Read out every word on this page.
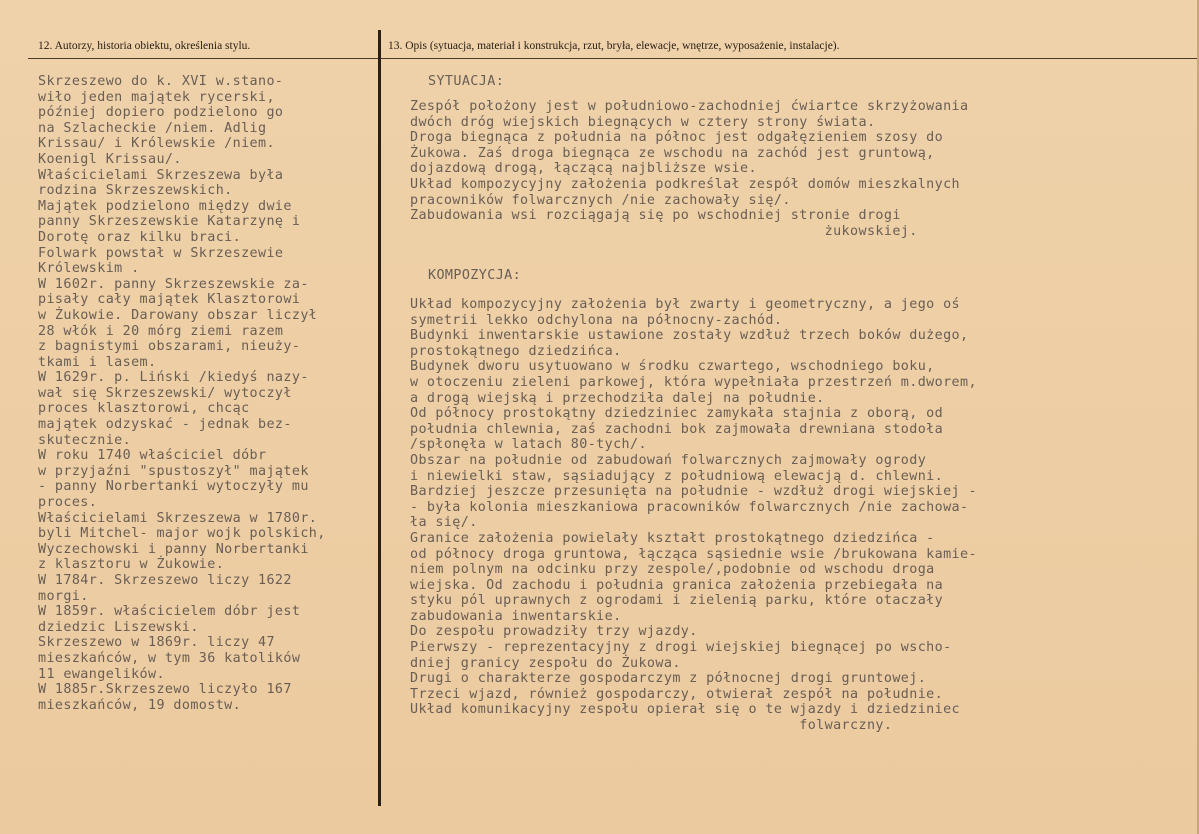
12. Autorzy, historia obiektu, określenia stylu.	13. Opis (sytuacja, materiał i konstrukcja, rzut, bryła, elewacje, wnętrze, wyposażenie, instalacje).
Skrzeszewo do k. XVI w.stano-
wiło jeden majątek rycerski,
później dopiero podzielono go
na Szlacheckie /niem. Adlig
Krissau/ i Królewskie /niem.
Koenigl Krissau/.
Właścicielami Skrzeszewa była
rodzina Skrzeszewskich.
Majątek podzielono między dwie
panny Skrzeszewskie Katarzynę i
Dorotę oraz kilku braci.
Folwark powstał w Skrzeszewie
Królewskim .
W 1602r. panny Skrzeszewskie za-
pisały cały majątek Klasztorowi
w Żukowie. Darowany obszar liczył
28 włók i 20 mórg ziemi razem
z bagnistymi obszarami, nieuży-
tkami i lasem.
W 1629r. p. Liński /kiedyś nazy-
wał się Skrzeszewski/ wytoczył
proces klasztorowi, chcąc
majątek odzyskać - jednak bez-
skutecznie.
W roku 1740 właściciel dóbr
w przyjaźni "spustoszył" majątek
- panny Norbertanki wytoczyły mu
proces.
Właścicielami Skrzeszewa w 1780r.
byli Mitchel- major wojk polskich,
Wyczechowski i panny Norbertanki
z klasztoru w Żukowie.
W 1784r. Skrzeszewo liczy 1622
morgi.
W 1859r. właścicielem dóbr jest
dziedzic Liszewski.
Skrzeszewo w 1869r. liczy 47
mieszkańców, w tym 36 katolików
11 ewangelików.
W 1885r.Skrzeszewo liczyło 167
mieszkańców, 19 domostw.
SYTUACJA:
Zespół położony jest w południowo-zachodniej ćwiartce skrzyżowania
dwóch dróg wiejskich biegnących w cztery strony świata.
Droga biegnąca z południa na północ jest odgałęzieniem szosy do
Żukowa. Zaś droga biegnąca ze wschodu na zachód jest gruntową,
dojazdową drogą, łączącą najbliższe wsie.
Układ kompozycyjny założenia podkreślał zespół domów mieszkalnych
pracowników folwarcznych /nie zachowały się/.
Zabudowania wsi rozciągają się po wschodniej stronie drogi
żukowskiej.
KOMPOZYCJA:
Układ kompozycyjny założenia był zwarty i geometryczny, a jego oś
symetrii lekko odchylona na północny-zachód.
Budynki inwentarskie ustawione zostały wzdłuż trzech boków dużego,
prostokątnego dziedzińca.
Budynek dworu usytuowano w środku czwartego, wschodniego boku,
w otoczeniu zieleni parkowej, która wypełniała przestrzeń m.dworem,
a drogą wiejską i przechodziła dalej na południe.
Od północy prostokątny dziedziniec zamykała stajnia z oborą, od
południa chlewnia, zaś zachodni bok zajmowała drewniana stodoła
/spłonęła w latach 80-tych/.
Obszar na południe od zabudowań folwarcznych zajmowały ogrody
i niewielki staw, sąsiadujący z południową elewacją d. chlewni.
Bardziej jeszcze przesunięta na południe - wzdłuż drogi wiejskiej -
- była kolonia mieszkaniowa pracowników folwarcznych /nie zachowa-
ła się/.
Granice założenia powielały kształt prostokątnego dziedzińca -
od północy droga gruntowa, łącząca sąsiednie wsie /brukowana kamie-
niem polnym na odcinku przy zespole/,podobnie od wschodu droga
wiejska. Od zachodu i południa granica założenia przebiegała na
styku pól uprawnych z ogrodami i zielenią parku, które otaczały
zabudowania inwentarskie.
Do zespołu prowadziły trzy wjazdy.
Pierwszy - reprezentacyjny z drogi wiejskiej biegnącej po wscho-
dniej granicy zespołu do Żukowa.
Drugi o charakterze gospodarczym z północnej drogi gruntowej.
Trzeci wjazd, również gospodarczy, otwierał zespół na południe.
Układ komunikacyjny zespołu opierał się o te wjazdy i dziedziniec
folwarczny.
